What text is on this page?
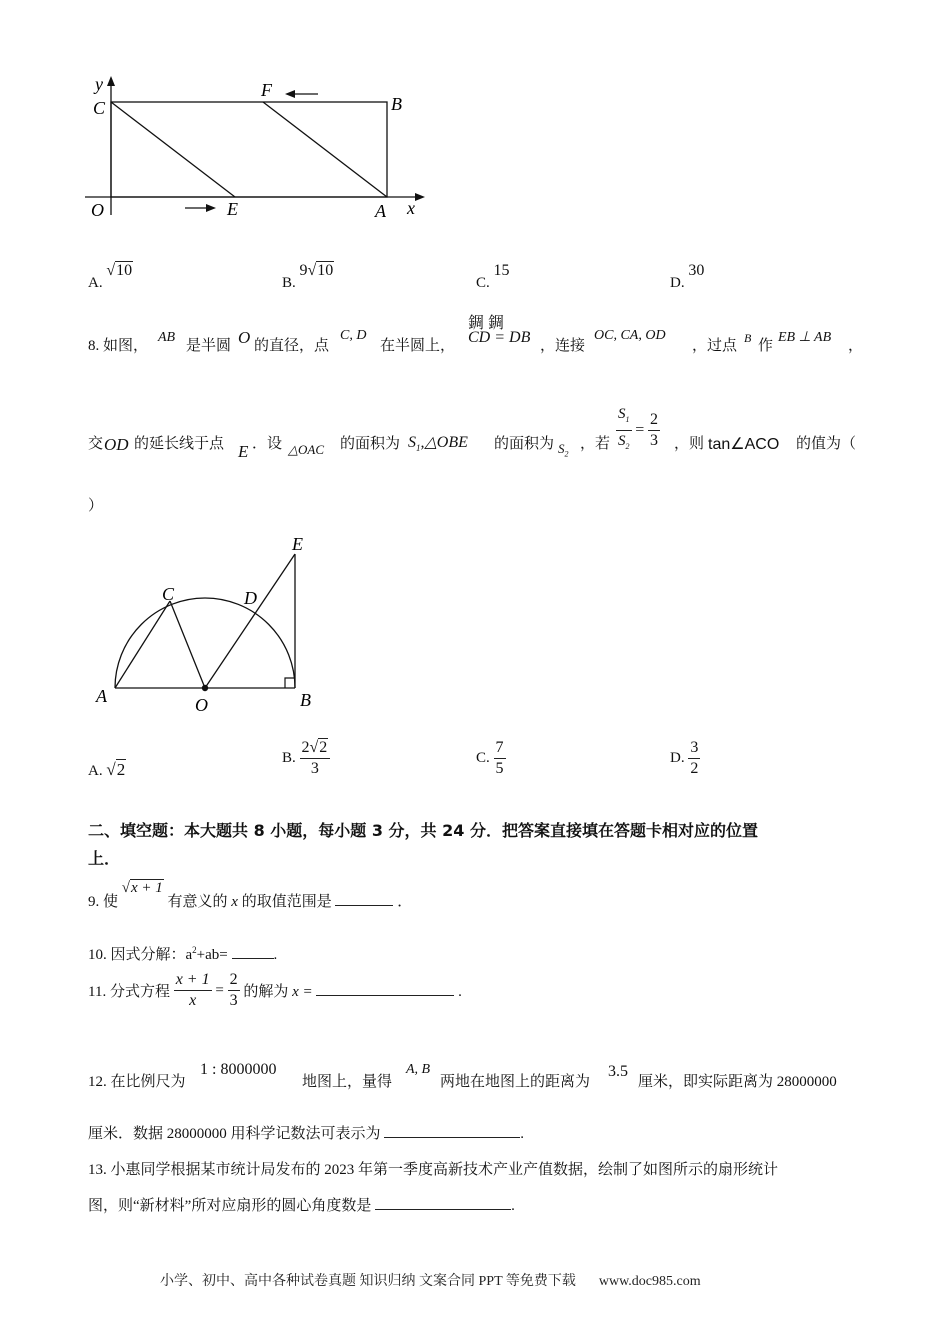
y
C
F
B
O	E	A x
A. √10
B. 9√10
C. 15
D. 30
8. 如图，
AB
是半圆 O 的直径，点
C, D
在半圆上，
錭 錭
CD = DB ，连接
OC, CA, OD
，过点 B 作
EB ⊥ AB
，
交 OD 的延长线于点 E ．设 △OAC 的面积为 $S_1,\triangle OBE$ 的面积为 $S_2$
，若 $\frac{S_1}{S_2} = \frac{2}{3}$ ，则 tan∠ACO 的值为（
）
E
C	D
A	O	B
A. √2
B. $\frac{2√2}{3}$	C. $\frac{7}{5}$	D. $\frac{3}{2}$
二、填空题：本大题共 8 小题，每小题 3 分，共 24 分．把答案直接填在答题卡相对应的位置
上．
9. 使 √x + 1 有意义的 x 的取值范围是	．
10. 因式分解：$a^2+ab=$	.
11. 分式方程 $\frac{x + 1}{x} = \frac{2}{3}$ 的解为 x =	.
12. 在比例尺为
1 : 8000000
地图上，量得
A, B
两地在地图上的距离为
3.5
厘米，即实际距离为 28000000
厘米．数据 28000000 用科学记数法可表示为	.
13. 小惠同学根据某市统计局发布的 2023 年第一季度高新技术产业产值数据，绘制了如图所示的扇形统计
图，则“新材料”所对应扇形的圆心角度数是	.
小学、初中、高中各种试卷真题 知识归纳 文案合同 PPT 等免费下载 www.doc985.com
